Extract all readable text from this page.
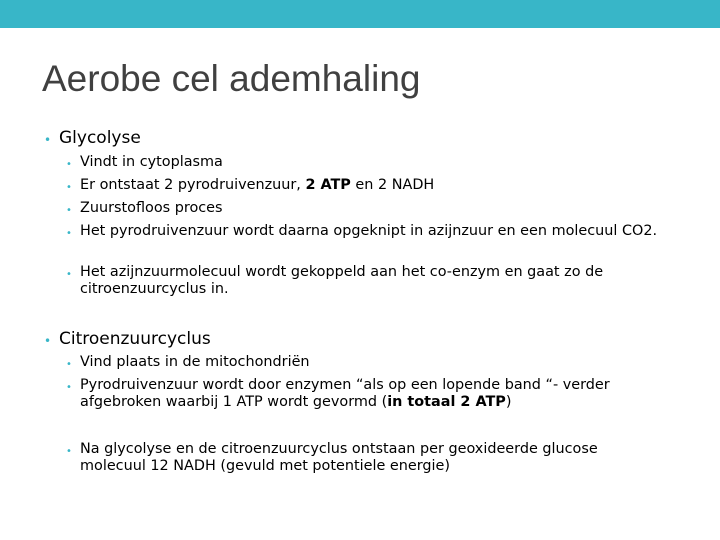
Aerobe cel ademhaling
• Glycolyse
• Vindt in cytoplasma
• Er ontstaat 2 pyrodruivenzuur, 2 ATP en 2 NADH
• Zuurstofloos proces
• Het pyrodruivenzuur wordt daarna opgeknipt in azijnzuur en een molecuul CO2.
• Het azijnzuurmolecuul wordt gekoppeld aan het co-enzym en gaat zo de citroenzuurcyclus in.
• Citroenzuurcyclus
• Vind plaats in de mitochondriën
• Pyrodruivenzuur wordt door enzymen “als op een lopende band “- verder afgebroken waarbij 1 ATP wordt gevormd (in totaal 2 ATP)
• Na glycolyse en de citroenzuurcyclus ontstaan per geoxideerde glucose molecuul 12 NADH (gevuld met potentiele energie)
